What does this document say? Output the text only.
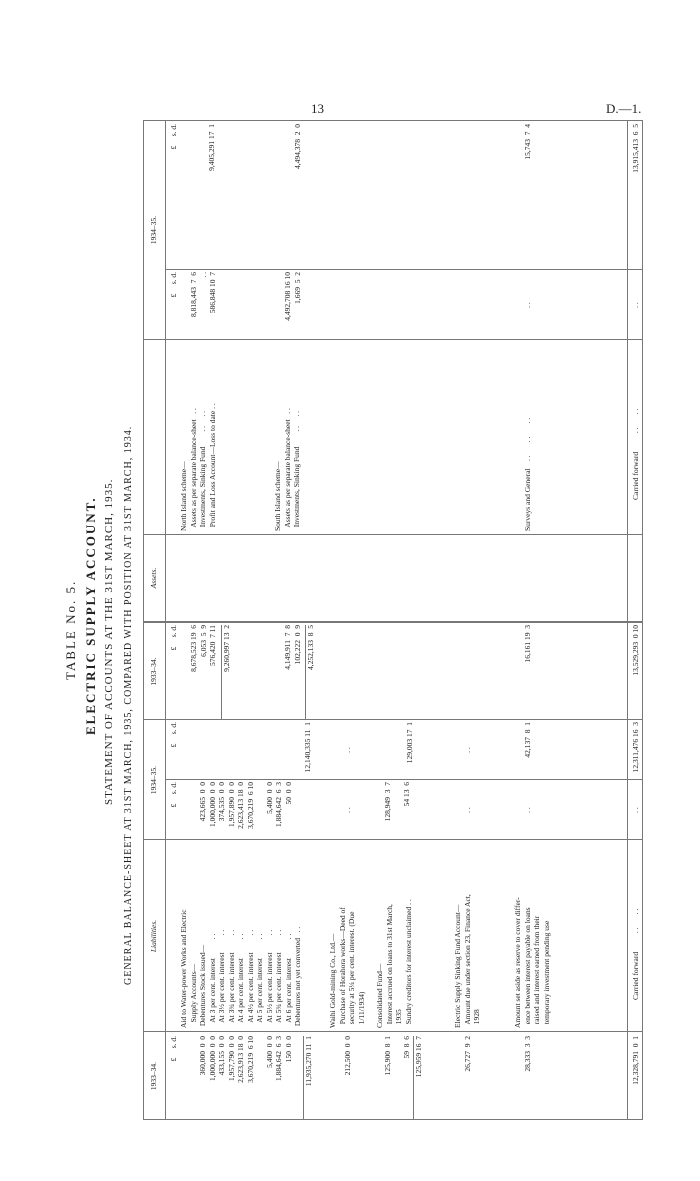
13	D.—1.
TABLE No. 5. ELECTRIC SUPPLY ACCOUNT. STATEMENT OF ACCOUNTS AT THE 31ST MARCH, 1935. GENERAL BALANCE-SHEET AT 31ST MARCH, 1935, COMPARED WITH POSITION AT 31ST MARCH, 1934.
1933–34.
Liabilities.
1934–35.
1933–34.
Assets.
1934–35.
£     s. d.
£     s. d.
£     s. d.
£     s. d.
£     s. d.
£     s. d.
360,000  0  0
1,000,000  0  0
433,155  0  0
1,957,790  0  0
2,623,913 18  0
3,670,219  6 10

5,400  0  0
1,884,642  6  3
150  0  0 11,935,270 11  1
Aid to Water-power Works and Electric
Supply Accounts—
Debentures Stock issued—
At 3 per cent. interest          . .
At 3½ per cent. interest         . .
At 3¾ per cent. interest         . .
At 4 per cent. interest          . .
At 4½ per cent. interest         . .
At 5 per cent. interest          . .
At 5½ per cent. interest         . .
At 5¾ per cent. interest         . .
At 6 per cent. interest          . .
Debentures not yet converted   . .
423,665  0  0
1,000,000  0  0
374,535  0  0
1,957,890  0  0
2,623,413 18  0
3,670,219  6 10

5,400  0  0
1,884,642  6  3
50  0  0
12,140,335 11  1
212,500  0  0
Waihi Gold-mining Co., Ltd.—
Purchase of Horahora works—Deed of
security at 5¼ per cent. interest. (Due
1/11/1934)
. .
. .
125,900  8  1

59  8  6 125,959 16  7
Consolidated Fund—
Interest accrued on loans to 31st March,
1935
Sundry creditors for interest unclaimed . .
128,949  3  7

54 13  6
129,003 17  1
26,727  9  2
Electric Supply Sinking Fund Account—
Amount due under section 23, Finance Act,
1928
. .
. .
28,333  3  3
Amount set aside as reserve to cover differ-
ence between interest payable on loans
raised and interest earned from their
temporary investment pending use
. .
42,137  8  1
12,328,791  0  1
Carried forward          . .       . .
. .
12,311,476 16  3
8,678,523 19  6
6,053  5  9
576,420  7 11 9,260,997 13  2
North Island scheme—
Assets as per separate balance-sheet   . .
Investments, Sinking Fund        . .     . .
Profit and Loss Account—Loss to date . .
8,818,443  7  6
. .
586,848 10  7
9,405,291 17  1
4,149,911  7  8
102,222  0  9 4,252,133  8  5
South Island scheme—
Assets as per separate balance-sheet   . .
Investments, Sinking Fund        . .     . .
4,492,708 16 10
1,669  5  2
4,494,378  2  0
16,161 19  3
Surveys and General    . .       . .       . .
. .
15,743  7  4
13,529,293  0 10
Carried forward          . .       . .
. .
13,915,413  6  5
